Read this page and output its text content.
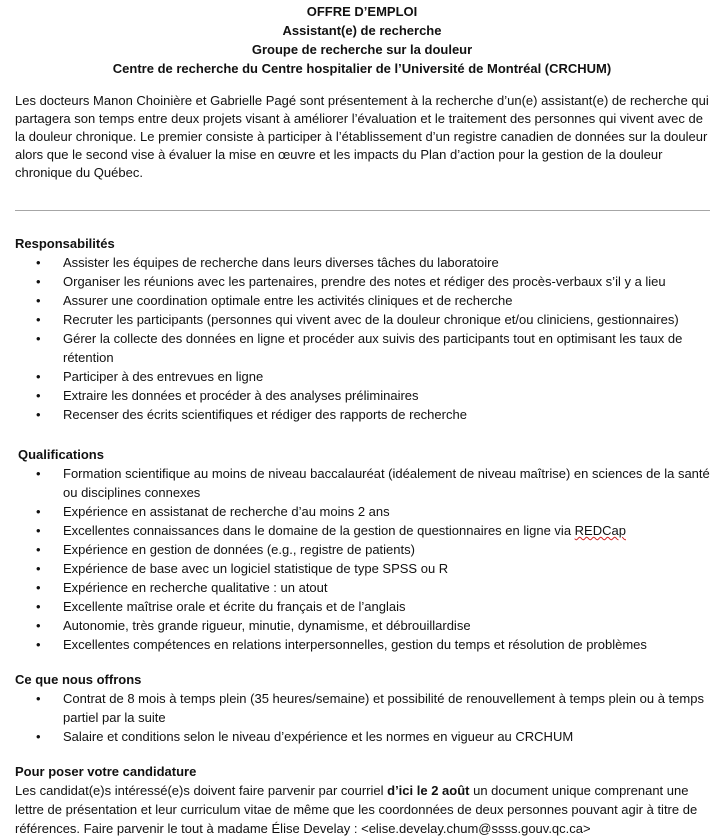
OFFRE D’EMPLOI
Assistant(e) de recherche
Groupe de recherche sur la douleur
Centre de recherche du Centre hospitalier de l’Université de Montréal (CRCHUM)
Les docteurs Manon Choinière et Gabrielle Pagé sont présentement à la recherche d’un(e) assistant(e) de recherche qui partagera son temps entre deux projets visant à améliorer l’évaluation et le traitement des personnes qui vivent avec de la douleur chronique. Le premier consiste à participer à l’établissement d’un registre canadien de données sur la douleur alors que le second vise à évaluer la mise en œuvre et les impacts du Plan d’action pour la gestion de la douleur chronique du Québec.
Responsabilités
• Assister les équipes de recherche dans leurs diverses tâches du laboratoire
• Organiser les réunions avec les partenaires, prendre des notes et rédiger des procès-verbaux s’il y a lieu
• Assurer une coordination optimale entre les activités cliniques et de recherche
• Recruter les participants (personnes qui vivent avec de la douleur chronique et/ou cliniciens, gestionnaires)
• Gérer la collecte des données en ligne et procéder aux suivis des participants tout en optimisant les taux de rétention
• Participer à des entrevues en ligne
• Extraire les données et procéder à des analyses préliminaires
• Recenser des écrits scientifiques et rédiger des rapports de recherche
Qualifications
• Formation scientifique au moins de niveau baccalauréat (idéalement de niveau maîtrise) en sciences de la santé ou disciplines connexes
• Expérience en assistanat de recherche d’au moins 2 ans
• Excellentes connaissances dans le domaine de la gestion de questionnaires en ligne via REDCap
• Expérience en gestion de données (e.g., registre de patients)
• Expérience de base avec un logiciel statistique de type SPSS ou R
• Expérience en recherche qualitative : un atout
• Excellente maîtrise orale et écrite du français et de l’anglais
• Autonomie, très grande rigueur, minutie, dynamisme, et débrouillardise
• Excellentes compétences en relations interpersonnelles, gestion du temps et résolution de problèmes
Ce que nous offrons
• Contrat de 8 mois à temps plein (35 heures/semaine) et possibilité de renouvellement à temps plein ou à temps partiel par la suite
• Salaire et conditions selon le niveau d’expérience et les normes en vigueur au CRCHUM
Pour poser votre candidature

Les candidat(e)s intéressé(e)s doivent faire parvenir par courriel d’ici le 2 août un document unique comprenant une lettre de présentation et leur curriculum vitae de même que les coordonnées de deux personnes pouvant agir à titre de références. Faire parvenir le tout à madame Élise Develay : <elise.develay.chum@ssss.gouv.qc.ca>
